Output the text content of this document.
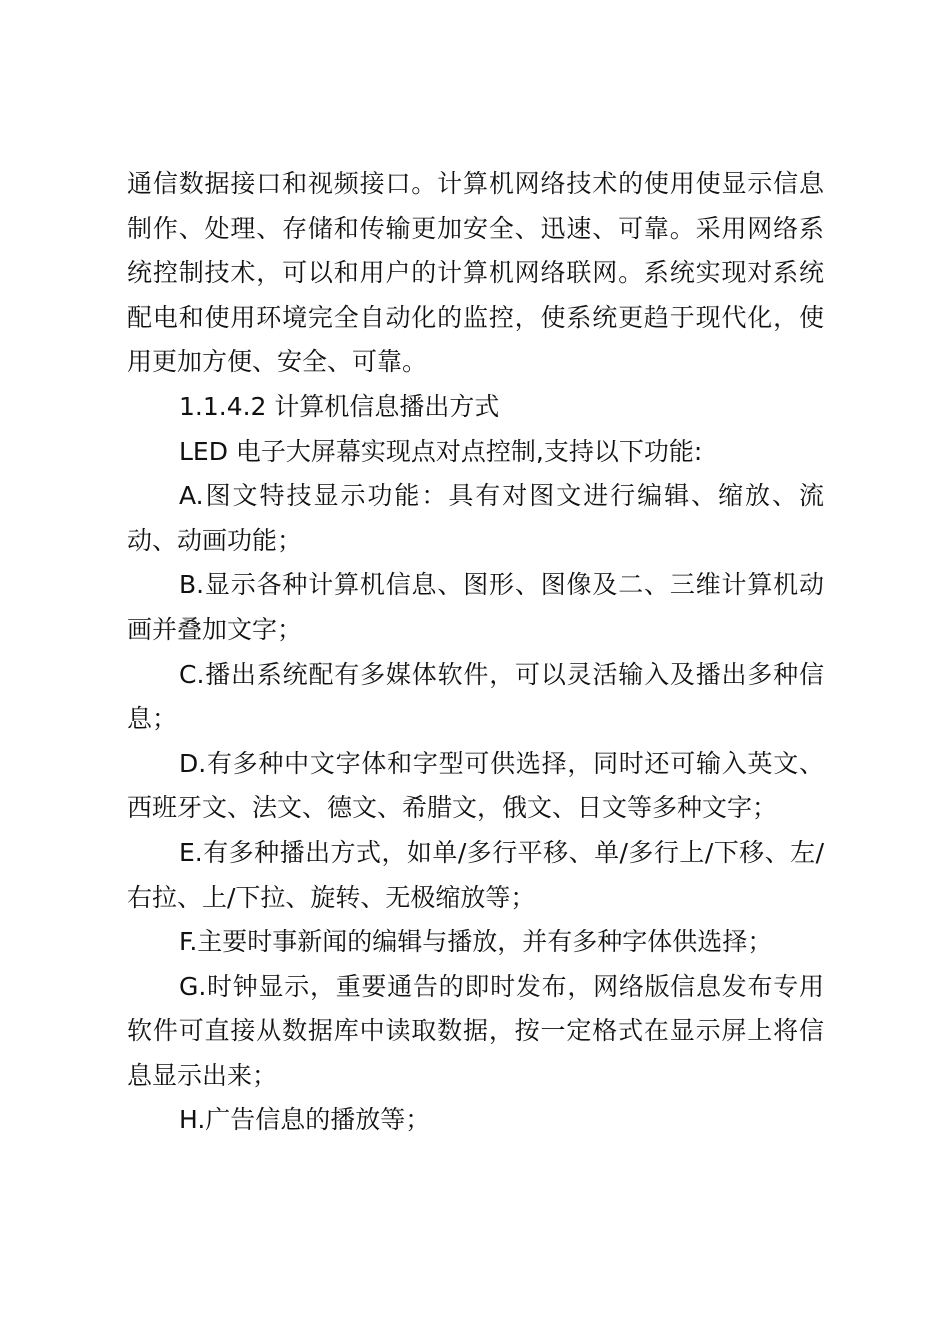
通信数据接口和视频接口。计算机网络技术的使用使显示信息制作、处理、存储和传输更加安全、迅速、可靠。采用网络系统控制技术，可以和用户的计算机网络联网。系统实现对系统配电和使用环境完全自动化的监控，使系统更趋于现代化，使用更加方便、安全、可靠。

1.1.4.2 计算机信息播出方式

LED 电子大屏幕实现点对点控制,支持以下功能:

A.图文特技显示功能：具有对图文进行编辑、缩放、流动、动画功能；

B.显示各种计算机信息、图形、图像及二、三维计算机动画并叠加文字；

C.播出系统配有多媒体软件，可以灵活输入及播出多种信息；

D.有多种中文字体和字型可供选择，同时还可输入英文、西班牙文、法文、德文、希腊文，俄文、日文等多种文字；

E.有多种播出方式，如单/多行平移、单/多行上/下移、左/右拉、上/下拉、旋转、无极缩放等；

F.主要时事新闻的编辑与播放，并有多种字体供选择；

G.时钟显示，重要通告的即时发布，网络版信息发布专用软件可直接从数据库中读取数据，按一定格式在显示屏上将信息显示出来；

H.广告信息的播放等；
